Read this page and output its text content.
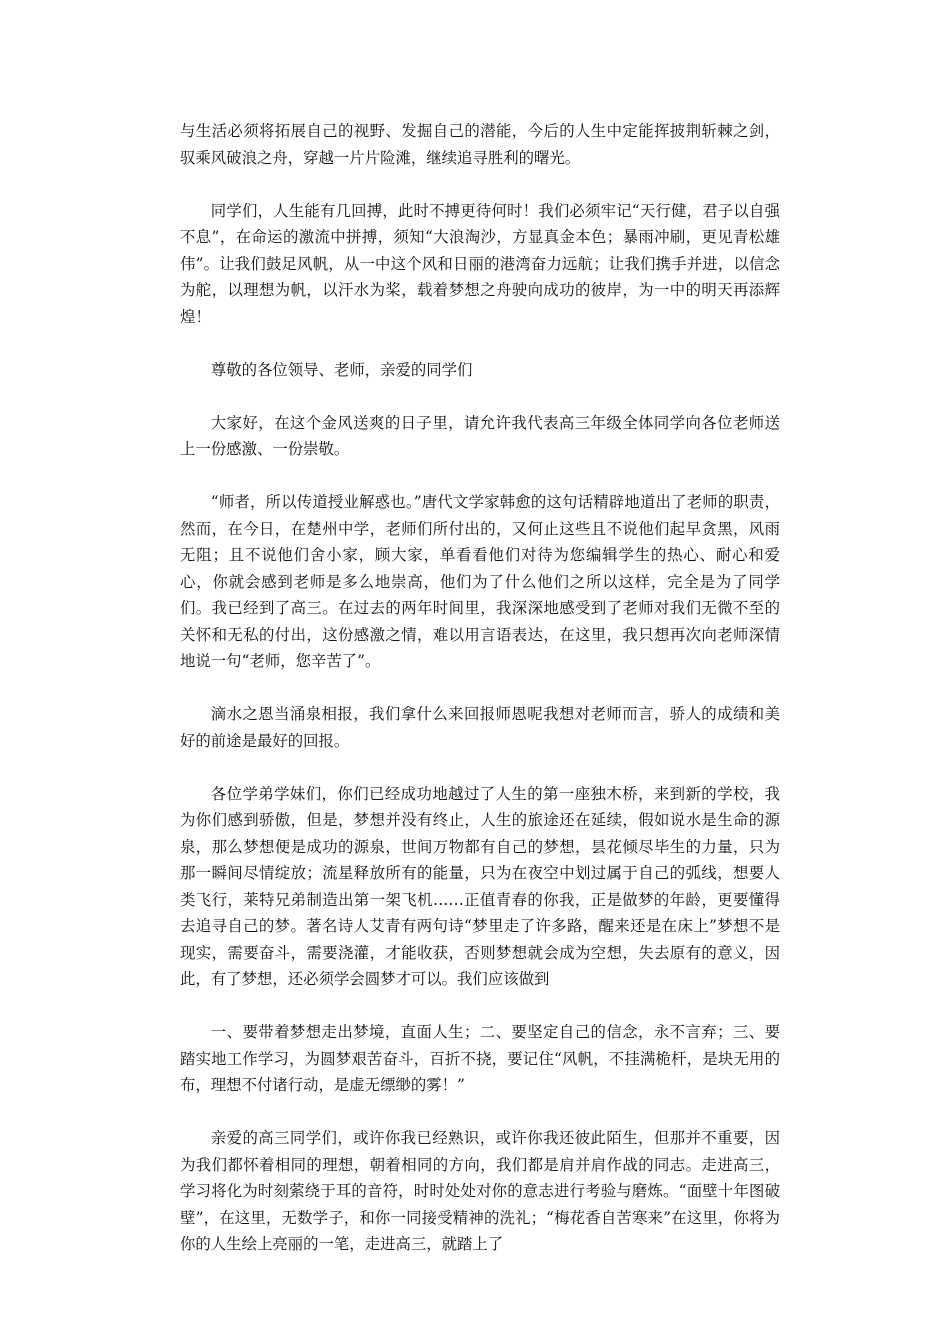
与生活必须将拓展自己的视野、发掘自己的潜能，今后的人生中定能挥披荆斩棘之剑，驭乘风破浪之舟，穿越一片片险滩，继续追寻胜利的曙光。

同学们，人生能有几回搏，此时不搏更待何时！我们必须牢记“天行健，君子以自强不息”，在命运的激流中拼搏，须知“大浪淘沙，方显真金本色；暴雨冲刷，更见青松雄伟”。让我们鼓足风帆，从一中这个风和日丽的港湾奋力远航；让我们携手并进，以信念为舵，以理想为帆，以汗水为桨，载着梦想之舟驶向成功的彼岸，为一中的明天再添辉煌！

尊敬的各位领导、老师，亲爱的同学们

大家好，在这个金风送爽的日子里，请允许我代表高三年级全体同学向各位老师送上一份感激、一份崇敬。

“师者，所以传道授业解惑也。”唐代文学家韩愈的这句话精辟地道出了老师的职责，然而，在今日，在楚州中学，老师们所付出的，又何止这些且不说他们起早贪黑，风雨无阻；且不说他们舍小家，顾大家，单看看他们对待为您编辑学生的热心、耐心和爱心，你就会感到老师是多么地崇高，他们为了什么他们之所以这样，完全是为了同学们。我已经到了高三。在过去的两年时间里，我深深地感受到了老师对我们无微不至的关怀和无私的付出，这份感激之情，难以用言语表达，在这里，我只想再次向老师深情地说一句“老师，您辛苦了”。

滴水之恩当涌泉相报，我们拿什么来回报师恩呢我想对老师而言，骄人的成绩和美好的前途是最好的回报。

各位学弟学妹们，你们已经成功地越过了人生的第一座独木桥，来到新的学校，我为你们感到骄傲，但是，梦想并没有终止，人生的旅途还在延续，假如说水是生命的源泉，那么梦想便是成功的源泉，世间万物都有自己的梦想，昙花倾尽毕生的力量，只为那一瞬间尽情绽放；流星释放所有的能量，只为在夜空中划过属于自己的弧线，想要人类飞行，莱特兄弟制造出第一架飞机……正值青春的你我，正是做梦的年龄，更要懂得去追寻自己的梦。著名诗人艾青有两句诗“梦里走了许多路，醒来还是在床上”梦想不是现实，需要奋斗，需要浇灌，才能收获，否则梦想就会成为空想，失去原有的意义，因此，有了梦想，还必须学会圆梦才可以。我们应该做到

一、要带着梦想走出梦境，直面人生；二、要坚定自己的信念，永不言弃；三、要踏实地工作学习，为圆梦艰苦奋斗，百折不挠，要记住“风帆，不挂满桅杆，是块无用的布，理想不付诸行动，是虚无缥缈的雾！”

亲爱的高三同学们，或许你我已经熟识，或许你我还彼此陌生，但那并不重要，因为我们都怀着相同的理想，朝着相同的方向，我们都是肩并肩作战的同志。走进高三，学习将化为时刻萦绕于耳的音符，时时处处对你的意志进行考验与磨炼。“面壁十年图破壁”，在这里，无数学子，和你一同接受精神的洗礼；“梅花香自苦寒来”在这里，你将为你的人生绘上亮丽的一笔，走进高三，就踏上了
